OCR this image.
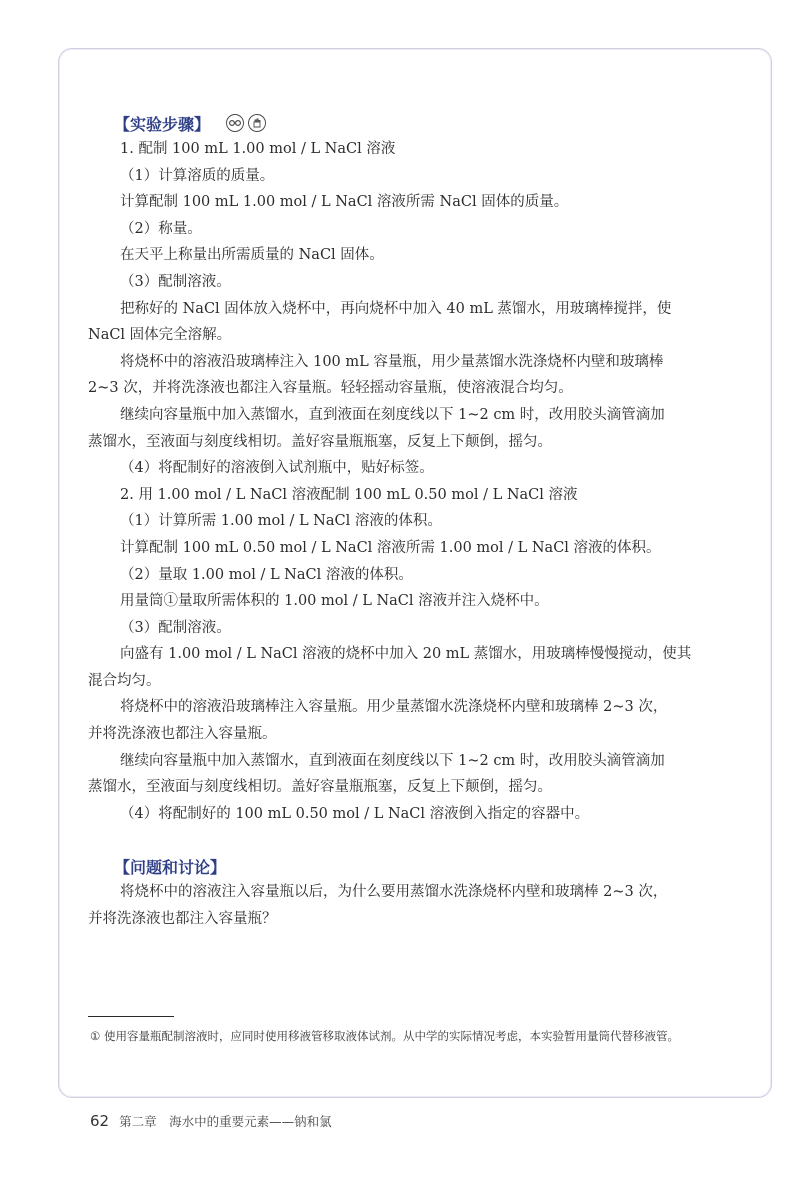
【实验步骤】
1. 配制 100 mL 1.00 mol / L NaCl 溶液
（1）计算溶质的质量。
计算配制 100 mL 1.00 mol / L NaCl 溶液所需 NaCl 固体的质量。
（2）称量。
在天平上称量出所需质量的 NaCl 固体。
（3）配制溶液。
把称好的 NaCl 固体放入烧杯中，再向烧杯中加入 40 mL 蒸馏水，用玻璃棒搅拌，使
NaCl 固体完全溶解。
将烧杯中的溶液沿玻璃棒注入 100 mL 容量瓶，用少量蒸馏水洗涤烧杯内壁和玻璃棒
2~3 次，并将洗涤液也都注入容量瓶。轻轻摇动容量瓶，使溶液混合均匀。
继续向容量瓶中加入蒸馏水，直到液面在刻度线以下 1~2 cm 时，改用胶头滴管滴加
蒸馏水，至液面与刻度线相切。盖好容量瓶瓶塞，反复上下颠倒，摇匀。
（4）将配制好的溶液倒入试剂瓶中，贴好标签。
2. 用 1.00 mol / L NaCl 溶液配制 100 mL 0.50 mol / L NaCl 溶液
（1）计算所需 1.00 mol / L NaCl 溶液的体积。
计算配制 100 mL 0.50 mol / L NaCl 溶液所需 1.00 mol / L NaCl 溶液的体积。
（2）量取 1.00 mol / L NaCl 溶液的体积。
用量筒①量取所需体积的 1.00 mol / L NaCl 溶液并注入烧杯中。
（3）配制溶液。
向盛有 1.00 mol / L NaCl 溶液的烧杯中加入 20 mL 蒸馏水，用玻璃棒慢慢搅动，使其
混合均匀。
将烧杯中的溶液沿玻璃棒注入容量瓶。用少量蒸馏水洗涤烧杯内壁和玻璃棒 2~3 次，
并将洗涤液也都注入容量瓶。
继续向容量瓶中加入蒸馏水，直到液面在刻度线以下 1~2 cm 时，改用胶头滴管滴加
蒸馏水，至液面与刻度线相切。盖好容量瓶瓶塞，反复上下颠倒，摇匀。
（4）将配制好的 100 mL 0.50 mol / L NaCl 溶液倒入指定的容器中。
【问题和讨论】
将烧杯中的溶液注入容量瓶以后，为什么要用蒸馏水洗涤烧杯内壁和玻璃棒 2~3 次，
并将洗涤液也都注入容量瓶？
① 使用容量瓶配制溶液时，应同时使用移液管移取液体试剂。从中学的实际情况考虑，本实验暂用量筒代替移液管。
62 第二章　海水中的重要元素——钠和氯
